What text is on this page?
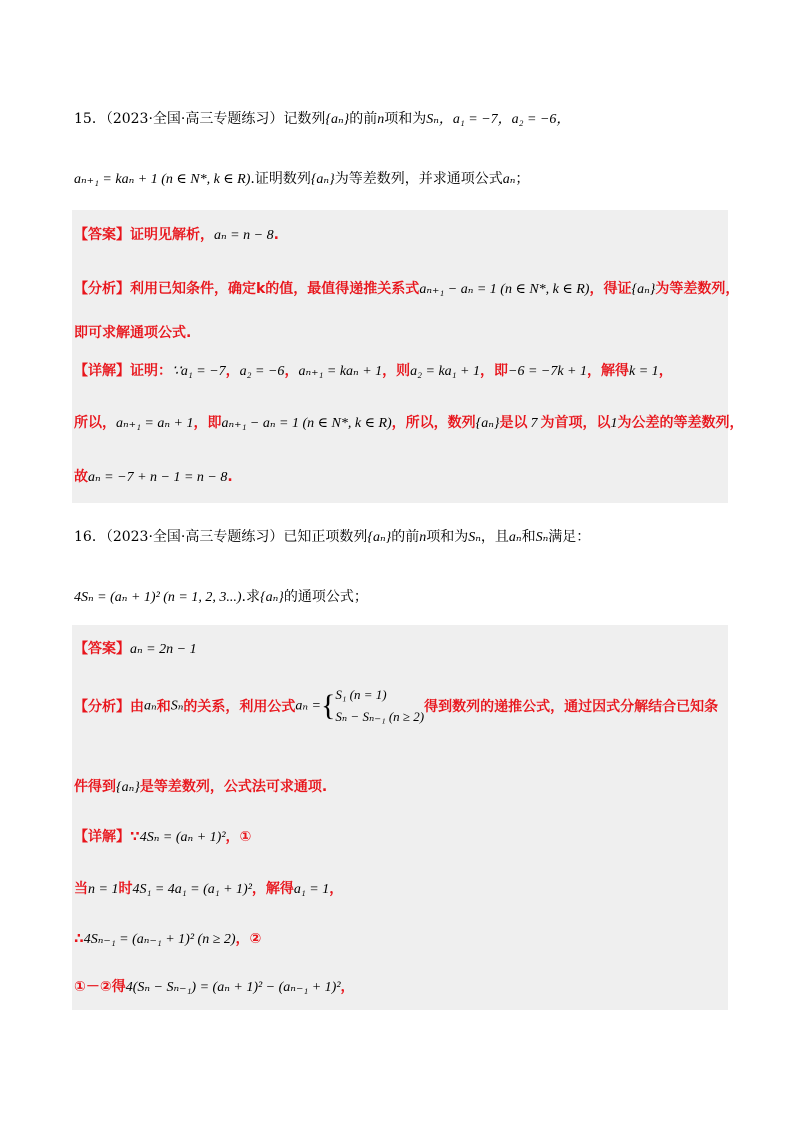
15．（2023·全国·高三专题练习）记数列{aₙ}的前n项和为Sₙ，a₁ = −7，a₂ = −6，
aₙ₊₁ = kaₙ + 1 (n ∈ N*, k ∈ R).证明数列{aₙ}为等差数列，并求通项公式aₙ；
【答案】证明见解析，aₙ = n − 8.
【分析】利用已知条件，确定k的值，最值得递推关系式aₙ₊₁ − aₙ = 1 (n ∈ N*, k ∈ R)，得证{aₙ}为等差数列，
即可求解通项公式.
【详解】证明：∵a₁ = −7，a₂ = −6，aₙ₊₁ = kaₙ + 1，则a₂ = ka₁ + 1，即−6 = −7k + 1，解得k = 1，
所以，aₙ₊₁ = aₙ + 1，即aₙ₊₁ − aₙ = 1 (n ∈ N*, k ∈ R)，所以，数列{aₙ}是以 7 为首项，以1为公差的等差数列，
故aₙ = −7 + n − 1 = n − 8.
16．（2023·全国·高三专题练习）已知正项数列{aₙ}的前n项和为Sₙ，且aₙ和Sₙ满足：
4Sₙ = (aₙ + 1)² (n = 1, 2, 3...).求{aₙ}的通项公式；
【答案】aₙ = 2n − 1
【分析】由aₙ和Sₙ的关系，利用公式aₙ ={S₁ (n = 1)
Sₙ − Sₙ₋₁ (n ≥ 2)得到数列的递推公式，通过因式分解结合已知条
件得到{aₙ}是等差数列，公式法可求通项.
【详解】∵4Sₙ = (aₙ + 1)²，①
当n = 1时4S₁ = 4a₁ = (a₁ + 1)²，解得a₁ = 1，
∴4Sₙ₋₁ = (aₙ₋₁ + 1)² (n ≥ 2)，②
①－②得4(Sₙ − Sₙ₋₁) = (aₙ + 1)² − (aₙ₋₁ + 1)²，
